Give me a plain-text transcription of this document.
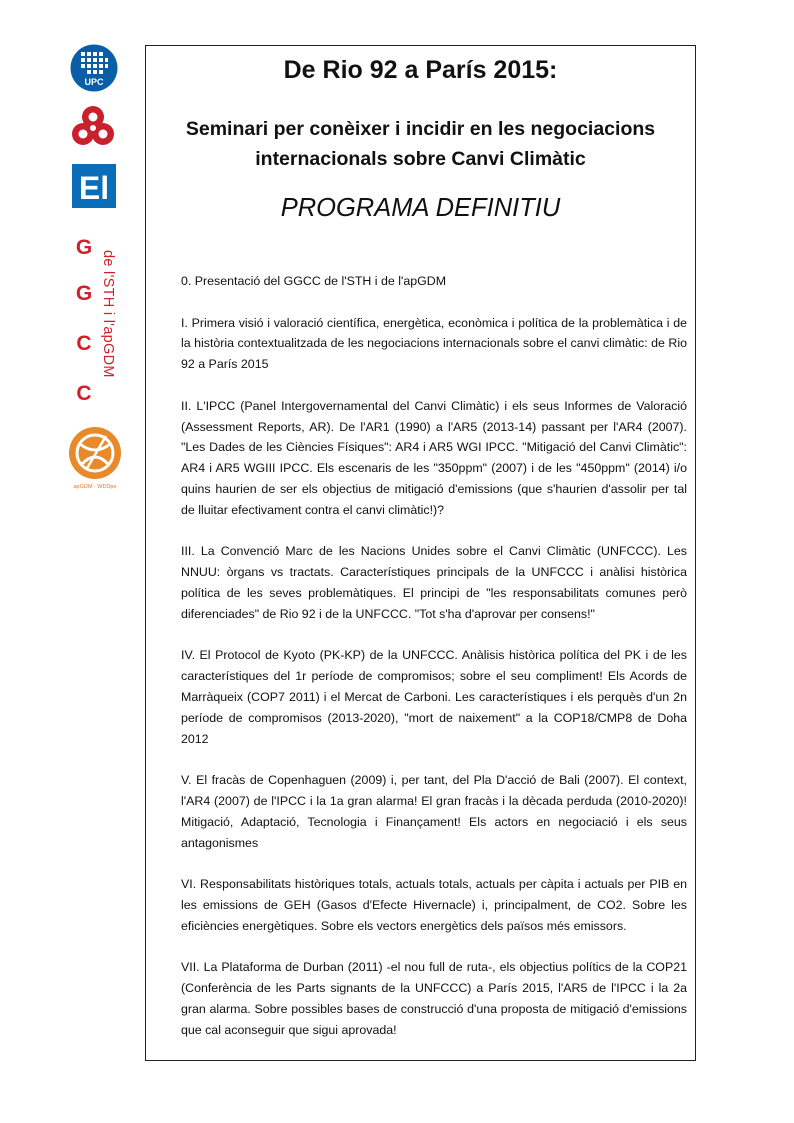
UPC
El
G
G
C
C
de l'STH i l'apGDM
apGDM · WDDpe
De Rio 92 a París 2015:
Seminari per conèixer i incidir en les negociacions
internacionals sobre Canvi Climàtic
PROGRAMA DEFINITIU

0. Presentació del GGCC de l'STH i de l'apGDM

I. Primera visió i valoració científica, energètica, econòmica i política de la problemàtica i de la història contextualitzada de les negociacions internacionals sobre el canvi climàtic: de Rio 92 a París 2015

II. L'IPCC (Panel Intergovernamental del Canvi Climàtic) i els seus Informes de Valoració (Assessment Reports, AR). De l'AR1 (1990) a l'AR5 (2013-14) passant per l'AR4 (2007). "Les Dades de les Ciències Físiques": AR4 i AR5 WGI IPCC. "Mitigació del Canvi Climàtic": AR4 i AR5 WGIII IPCC. Els escenaris de les "350ppm" (2007) i de les "450ppm" (2014) i/o quins haurien de ser els objectius de mitigació d'emissions (que s'haurien d'assolir per tal de lluitar efectivament contra el canvi climàtic!)?

III. La Convenció Marc de les Nacions Unides sobre el Canvi Climàtic (UNFCCC). Les NNUU: òrgans vs tractats. Característiques principals de la UNFCCC i anàlisi històrica política de les seves problemàtiques. El principi de "les responsabilitats comunes però diferenciades" de Rio 92 i de la UNFCCC. "Tot s'ha d'aprovar per consens!"

IV. El Protocol de Kyoto (PK-KP) de la UNFCCC. Anàlisis històrica política del PK i de les característiques del 1r període de compromisos; sobre el seu compliment! Els Acords de Marràqueix (COP7 2011) i el Mercat de Carboni. Les característiques i els perquès d'un 2n període de compromisos (2013-2020), "mort de naixement" a la COP18/CMP8 de Doha 2012

V. El fracàs de Copenhaguen (2009) i, per tant, del Pla D'acció de Bali (2007). El context, l'AR4 (2007) de l'IPCC i la 1a gran alarma! El gran fracàs i la dècada perduda (2010-2020)! Mitigació, Adaptació, Tecnologia i Finançament! Els actors en negociació i els seus antagonismes

VI. Responsabilitats històriques totals, actuals totals, actuals per càpita i actuals per PIB en les emissions de GEH (Gasos d'Efecte Hivernacle) i, principalment, de CO2. Sobre les eficiències energètiques. Sobre els vectors energètics dels països més emissors.

VII. La Plataforma de Durban (2011) -el nou full de ruta-, els objectius polítics de la COP21 (Conferència de les Parts signants de la UNFCCC) a París 2015, l'AR5 de l'IPCC i la 2a gran alarma. Sobre possibles bases de construcció d'una proposta de mitigació d'emissions que cal aconseguir que sigui aprovada!
